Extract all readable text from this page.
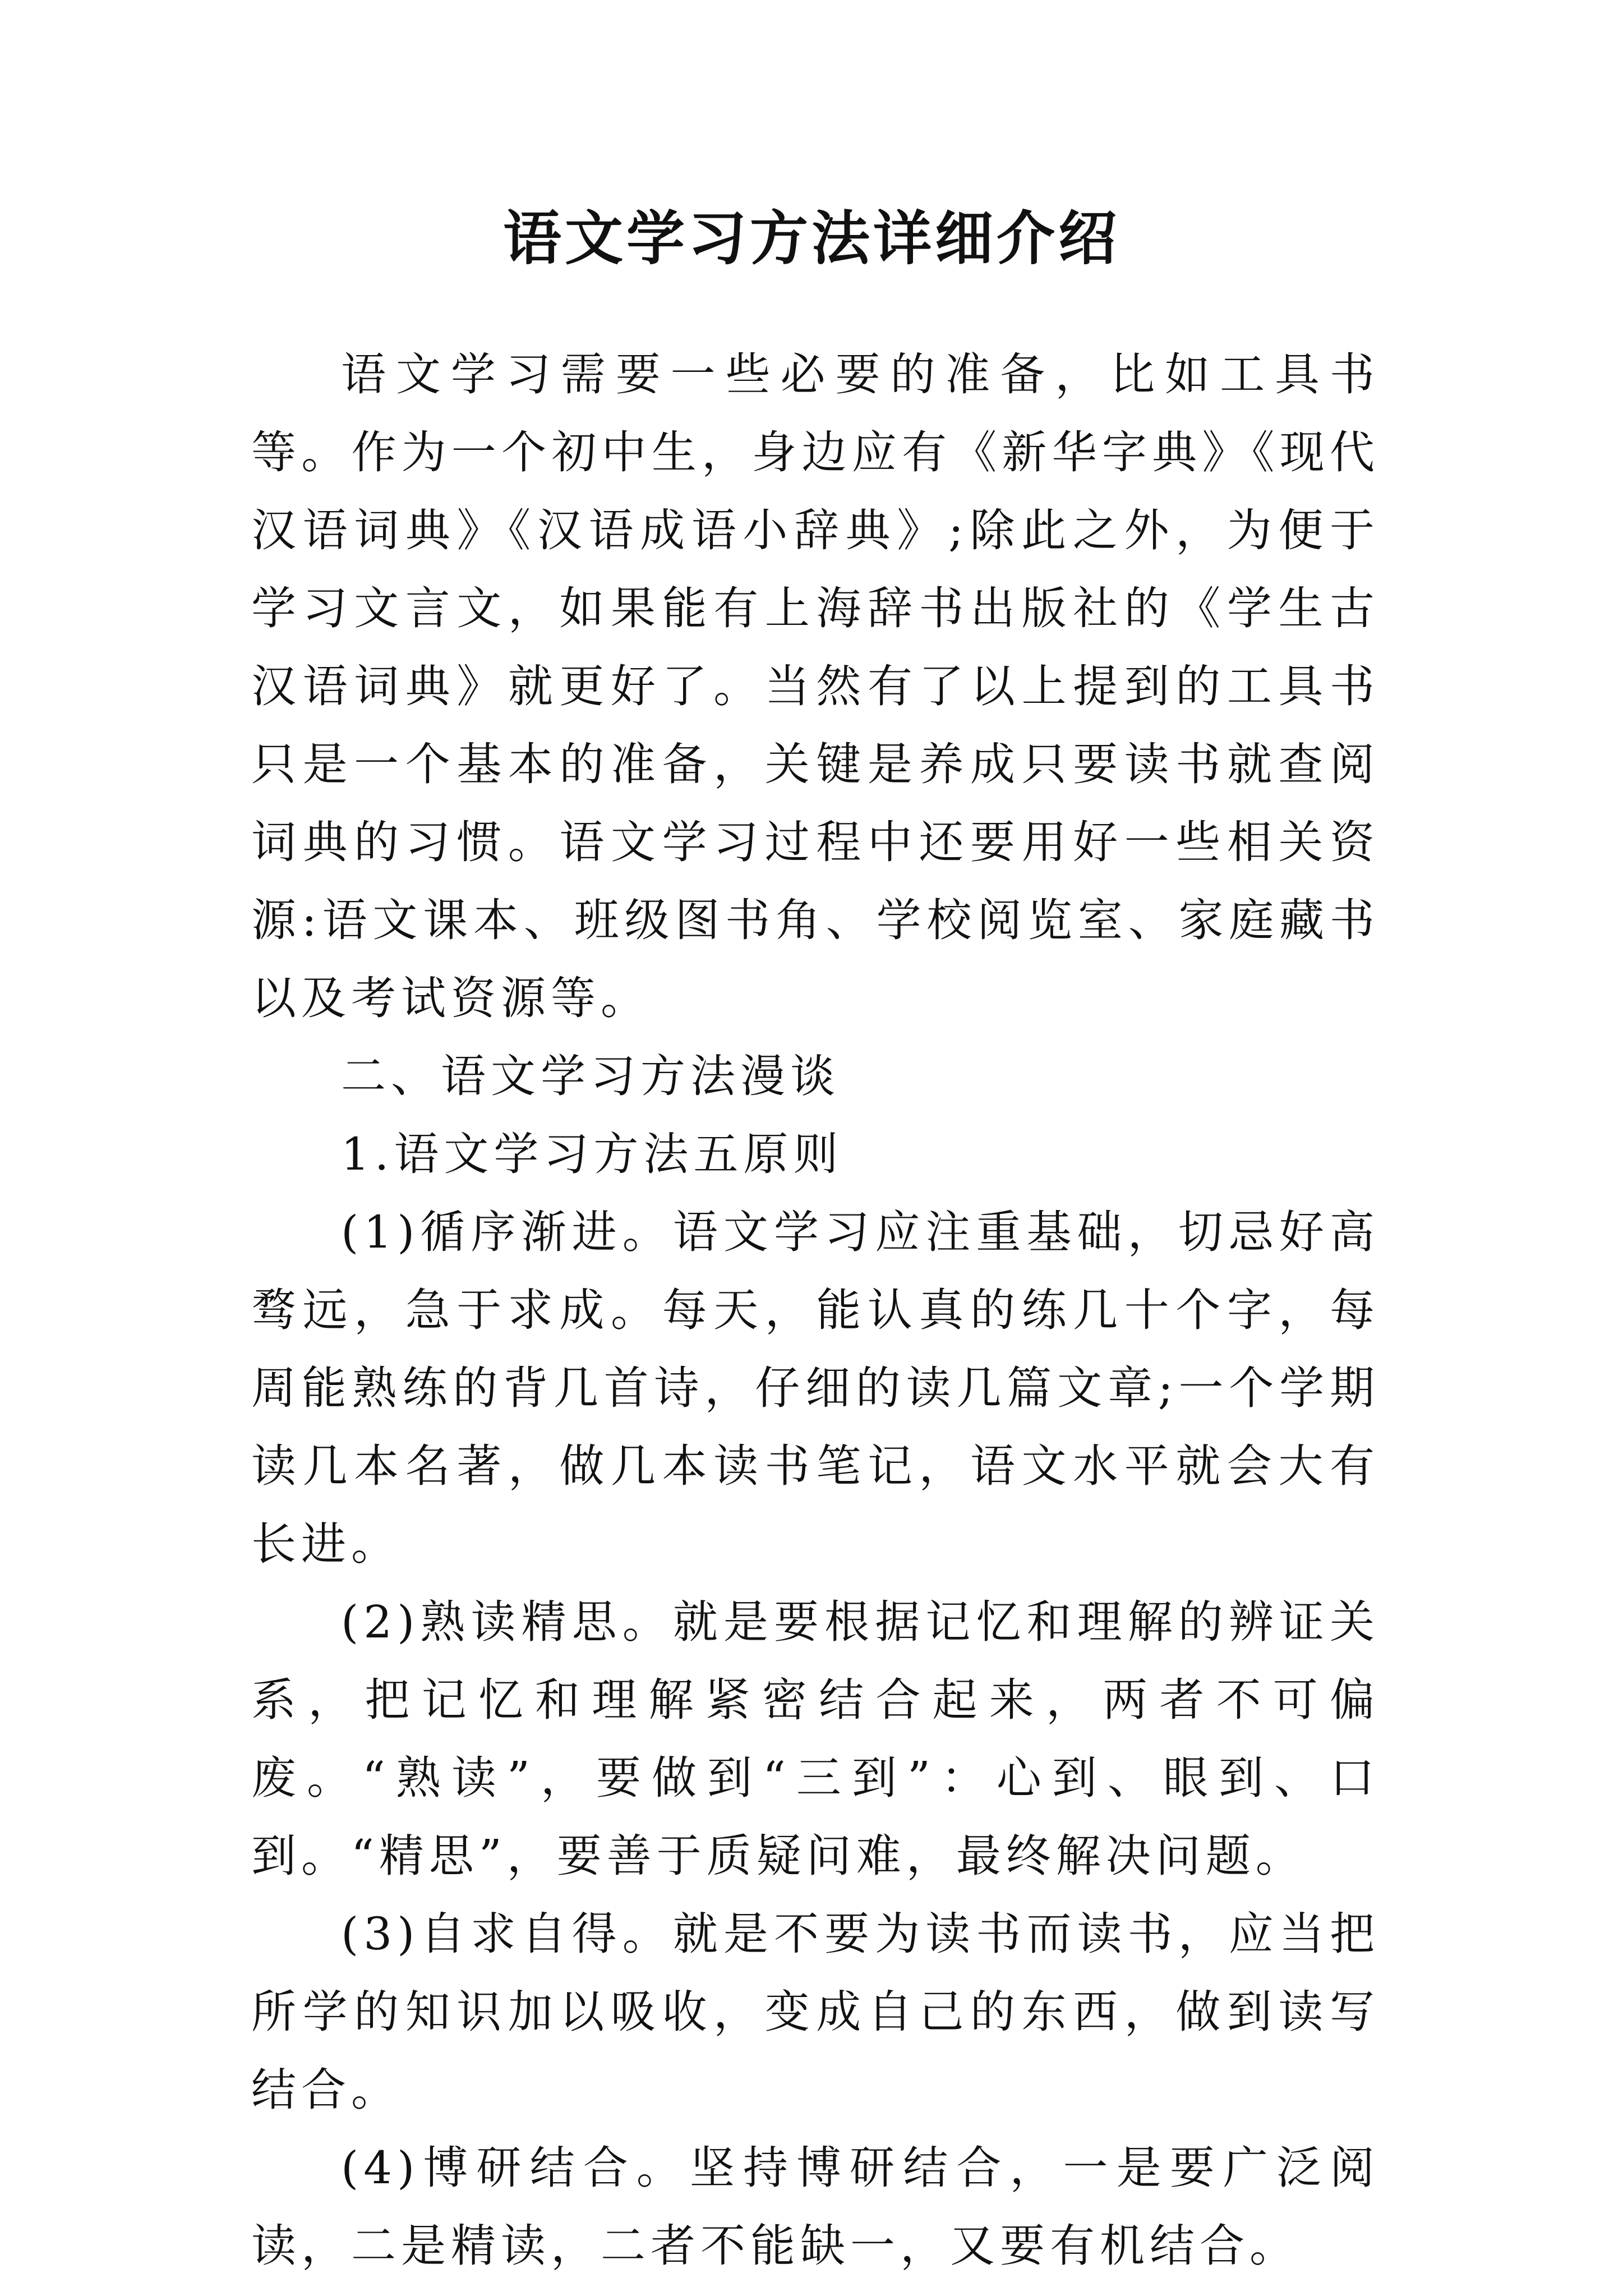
语文学习方法详细介绍

语文学习需要一些必要的准备，比如工具书等。作为一个初中生，身边应有《新华字典》《现代汉语词典》《汉语成语小辞典》;除此之外，为便于学习文言文，如果能有上海辞书出版社的《学生古汉语词典》就更好了。当然有了以上提到的工具书只是一个基本的准备，关键是养成只要读书就查阅词典的习惯。语文学习过程中还要用好一些相关资源:语文课本、班级图书角、学校阅览室、家庭藏书以及考试资源等。

二、语文学习方法漫谈

1.语文学习方法五原则

(1)循序渐进。语文学习应注重基础，切忌好高骛远，急于求成。每天，能认真的练几十个字，每周能熟练的背几首诗，仔细的读几篇文章;一个学期读几本名著，做几本读书笔记，语文水平就会大有长进。

(2)熟读精思。就是要根据记忆和理解的辨证关系，把记忆和理解紧密结合起来，两者不可偏废。“熟读”，要做到“三到”：心到、眼到、口到。“精思”，要善于质疑问难，最终解决问题。

(3)自求自得。就是不要为读书而读书，应当把所学的知识加以吸收，变成自己的东西，做到读写结合。

(4)博研结合。坚持博研结合，一是要广泛阅读，二是精读，二者不能缺一，又要有机结合。
